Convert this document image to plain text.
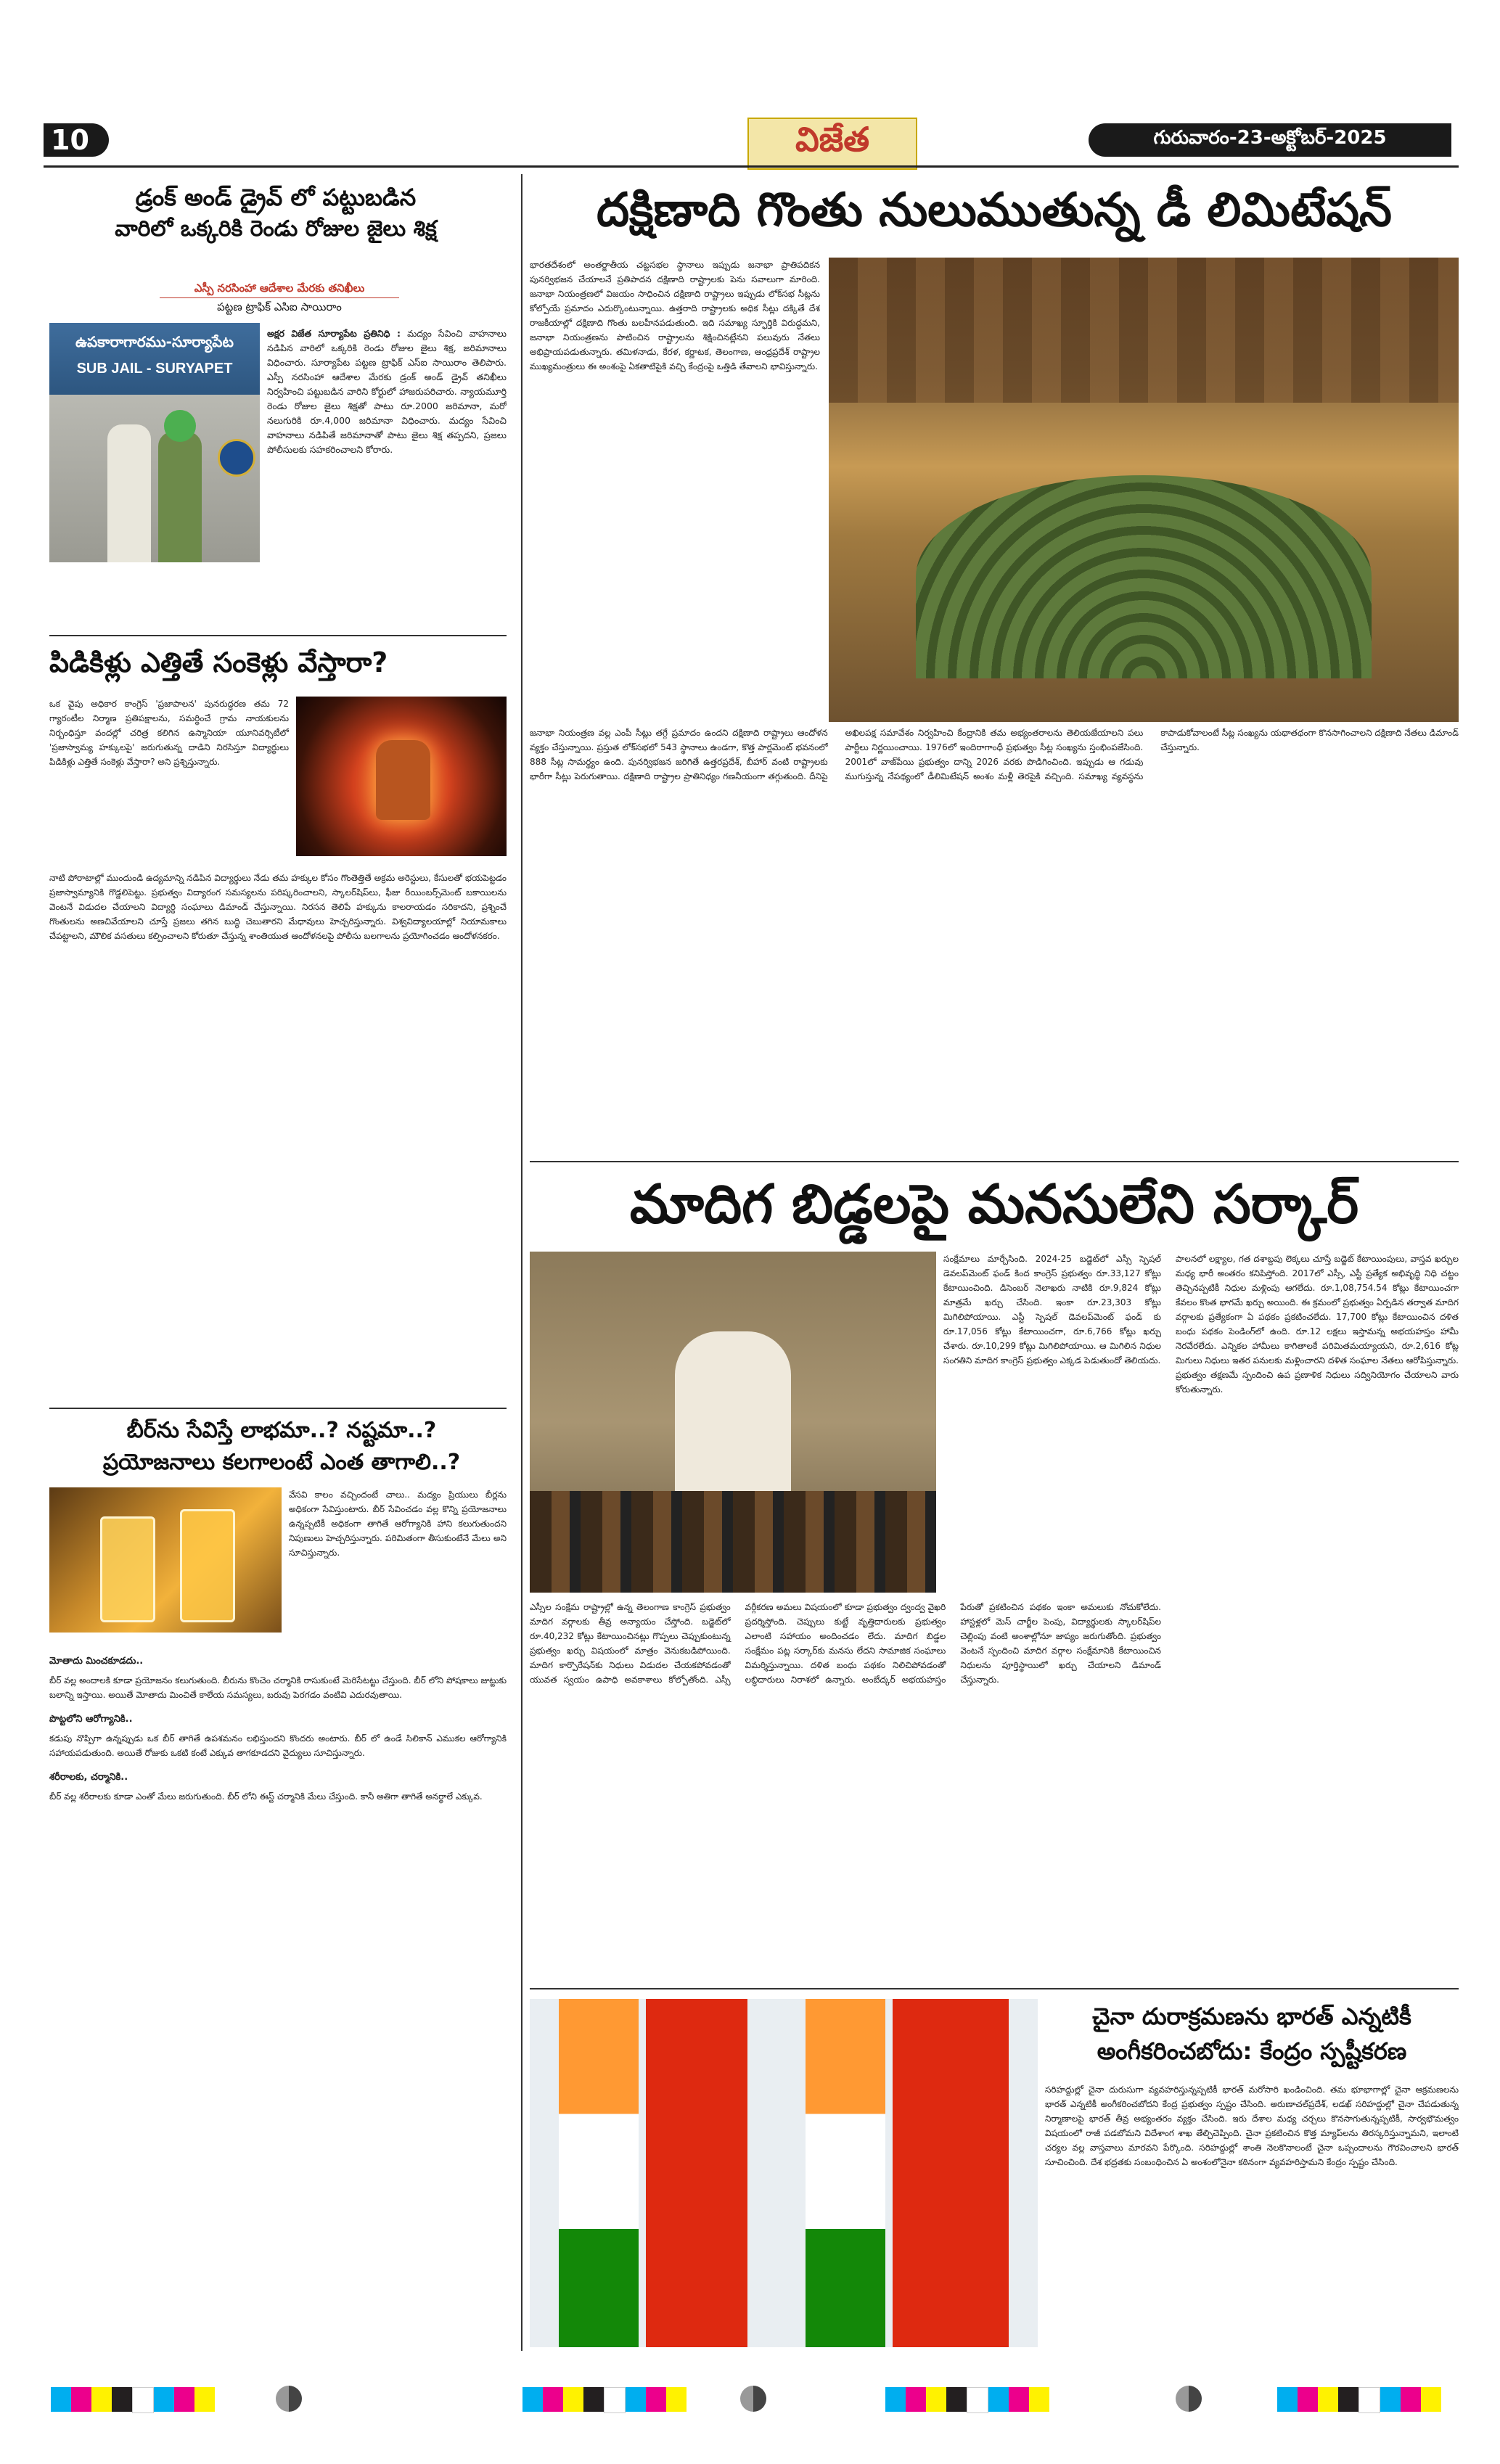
10	విజేత	గురువారం-23-అక్టోబర్-2025
డ్రంక్ అండ్ డ్రైవ్ లో పట్టుబడిన
వారిలో ఒక్కరికి రెండు రోజుల జైలు శిక్ష
ఎస్పీ నరసింహా ఆదేశాల మేరకు తనిఖీలు
పట్టణ ట్రాఫిక్ ఎసిఐ సాయిరాం
ఉపకారాగారము-సూర్యాపేట
SUB JAIL - SURYAPET

అక్షర విజేత సూర్యాపేట ప్రతినిధి : మద్యం సేవించి వాహనాలు నడిపిన వారిలో ఒక్కరికి రెండు రోజుల జైలు శిక్ష, జరిమానాలు విధించారు. సూర్యాపేట పట్టణ ట్రాఫిక్ ఎస్ఐ సాయిరాం తెలిపారు. ఎస్పీ నరసింహా ఆదేశాల మేరకు డ్రంక్ అండ్ డ్రైవ్ తనిఖీలు నిర్వహించి పట్టుబడిన వారిని కోర్టులో హాజరుపరిచారు. న్యాయమూర్తి రెండు రోజుల జైలు శిక్షతో పాటు రూ.2000 జరిమానా, మరో నలుగురికి రూ.4,000 జరిమానా విధించారు. మద్యం సేవించి వాహనాలు నడిపితే జరిమానాతో పాటు జైలు శిక్ష తప్పదని, ప్రజలు పోలీసులకు సహకరించాలని కోరారు.

పిడికిళ్లు ఎత్తితే సంకెళ్లు వేస్తారా?

ఒక వైపు అధికార కాంగ్రెస్ 'ప్రజాపాలన' పునరుద్ధరణ తమ 72 గ్యారంటీల నిర్మాణ ప్రతిపక్షాలను, సమర్థించే గ్రామ నాయకులను నిర్బంధిస్తూ వందల్లో చరిత్ర కలిగిన ఉస్మానియా యూనివర్సిటీలో 'ప్రజాస్వామ్య హక్కులపై' జరుగుతున్న దాడిని నిరసిస్తూ విద్యార్థులు పిడికిళ్లు ఎత్తితే సంకెళ్లు వేస్తారా? అని ప్రశ్నిస్తున్నారు.

నాటి పోరాటాల్లో ముందుండి ఉద్యమాన్ని నడిపిన విద్యార్థులు నేడు తమ హక్కుల కోసం గొంతెత్తితే అక్రమ అరెస్టులు, కేసులతో భయపెట్టడం ప్రజాస్వామ్యానికి గొడ్డలిపెట్టు. ప్రభుత్వం విద్యారంగ సమస్యలను పరిష్కరించాలని, స్కాలర్‌షిప్‌లు, ఫీజు రీయింబర్స్‌మెంట్ బకాయిలను వెంటనే విడుదల చేయాలని విద్యార్థి సంఘాలు డిమాండ్ చేస్తున్నాయి. నిరసన తెలిపే హక్కును కాలరాయడం సరికాదని, ప్రశ్నించే గొంతులను అణచివేయాలని చూస్తే ప్రజలు తగిన బుద్ధి చెబుతారని మేధావులు హెచ్చరిస్తున్నారు. విశ్వవిద్యాలయాల్లో నియామకాలు చేపట్టాలని, మౌలిక వసతులు కల్పించాలని కోరుతూ చేస్తున్న శాంతియుత ఆందోళనలపై పోలీసు బలగాలను ప్రయోగించడం ఆందోళనకరం.

బీర్‌ను సేవిస్తే లాభమా..? నష్టమా..?
ప్రయోజనాలు కలగాలంటే ఎంత తాగాలి..?

వేసవి కాలం వచ్చిందంటే చాలు.. మద్యం ప్రియులు బీర్లను అధికంగా సేవిస్తుంటారు. బీర్ సేవించడం వల్ల కొన్ని ప్రయోజనాలు ఉన్నప్పటికీ అధికంగా తాగితే ఆరోగ్యానికి హాని కలుగుతుందని నిపుణులు హెచ్చరిస్తున్నారు. పరిమితంగా తీసుకుంటేనే మేలు అని సూచిస్తున్నారు.

మోతాదు మించకూడదు..

బీర్ వల్ల అందాలకి కూడా ప్రయోజనం కలుగుతుంది. బీరును కొంచెం చర్మానికి రాసుకుంటే మెరిసేటట్టు చేస్తుంది. బీర్ లోని పోషకాలు జుట్టుకు బలాన్ని ఇస్తాయి. అయితే మోతాదు మించితే కాలేయ సమస్యలు, బరువు పెరగడం వంటివి ఎదురవుతాయి.

పొట్టలోని ఆరోగ్యానికి..

కడుపు నొప్పిగా ఉన్నప్పుడు ఒక బీర్ తాగితే ఉపశమనం లభిస్తుందని కొందరు అంటారు. బీర్ లో ఉండే సిలికాన్ ఎముకల ఆరోగ్యానికి సహాయపడుతుంది. అయితే రోజుకు ఒకటి కంటే ఎక్కువ తాగకూడదని వైద్యులు సూచిస్తున్నారు.

శరీరాలకు, చర్మానికి..

బీర్ వల్ల శరీరాలకు కూడా ఎంతో మేలు జరుగుతుంది. బీర్ లోని ఈస్ట్ చర్మానికి మేలు చేస్తుంది. కానీ అతిగా తాగితే అనర్థాలే ఎక్కువ.

దక్షిణాది గొంతు నులుముతున్న డీ లిమిటేషన్

భారతదేశంలో అంతర్జాతీయ చట్టసభల స్థానాలు ఇప్పుడు జనాభా ప్రాతిపదికన పునర్విభజన చేయాలనే ప్రతిపాదన దక్షిణాది రాష్ట్రాలకు పెను సవాలుగా మారింది. జనాభా నియంత్రణలో విజయం సాధించిన దక్షిణాది రాష్ట్రాలు ఇప్పుడు లోక్‌సభ సీట్లను కోల్పోయే ప్రమాదం ఎదుర్కొంటున్నాయి. ఉత్తరాది రాష్ట్రాలకు అధిక సీట్లు దక్కితే దేశ రాజకీయాల్లో దక్షిణాది గొంతు బలహీనపడుతుంది. ఇది సమాఖ్య స్ఫూర్తికి విరుద్ధమని, జనాభా నియంత్రణను పాటించిన రాష్ట్రాలను శిక్షించినట్లేనని పలువురు నేతలు అభిప్రాయపడుతున్నారు. తమిళనాడు, కేరళ, కర్ణాటక, తెలంగాణ, ఆంధ్రప్రదేశ్ రాష్ట్రాల ముఖ్యమంత్రులు ఈ అంశంపై ఏకతాటిపైకి వచ్చి కేంద్రంపై ఒత్తిడి తేవాలని భావిస్తున్నారు.

జనాభా నియంత్రణ వల్ల ఎంపీ సీట్లు తగ్గే ప్రమాదం ఉందని దక్షిణాది రాష్ట్రాలు ఆందోళన వ్యక్తం చేస్తున్నాయి. ప్రస్తుత లోక్‌సభలో 543 స్థానాలు ఉండగా, కొత్త పార్లమెంట్ భవనంలో 888 సీట్ల సామర్థ్యం ఉంది. పునర్విభజన జరిగితే ఉత్తరప్రదేశ్, బీహార్ వంటి రాష్ట్రాలకు భారీగా సీట్లు పెరుగుతాయి. దక్షిణాది రాష్ట్రాల ప్రాతినిధ్యం గణనీయంగా తగ్గుతుంది. దీనిపై అఖిలపక్ష సమావేశం నిర్వహించి కేంద్రానికి తమ అభ్యంతరాలను తెలియజేయాలని పలు పార్టీలు నిర్ణయించాయి. 1976లో ఇందిరాగాంధీ ప్రభుత్వం సీట్ల సంఖ్యను స్తంభింపజేసింది. 2001లో వాజ్‌పేయి ప్రభుత్వం దాన్ని 2026 వరకు పొడిగించింది. ఇప్పుడు ఆ గడువు ముగుస్తున్న నేపథ్యంలో డీలిమిటేషన్ అంశం మళ్లీ తెరపైకి వచ్చింది. సమాఖ్య వ్యవస్థను కాపాడుకోవాలంటే సీట్ల సంఖ్యను యథాతథంగా కొనసాగించాలని దక్షిణాది నేతలు డిమాండ్ చేస్తున్నారు.

మాదిగ బిడ్డలపై మనసులేని సర్కార్

సంక్షేమాలు మార్చేసింది. 2024-25 బడ్జెట్‌లో ఎస్సీ స్పెషల్ డెవలప్‌మెంట్ ఫండ్ కింద కాంగ్రెస్ ప్రభుత్వం రూ.33,127 కోట్లు కేటాయించింది. డిసెంబర్ నెలాఖరు నాటికి రూ.9,824 కోట్లు మాత్రమే ఖర్చు చేసింది. ఇంకా రూ.23,303 కోట్లు మిగిలిపోయాయి. ఎస్టీ స్పెషల్ డెవలప్‌మెంట్ ఫండ్ కు రూ.17,056 కోట్లు కేటాయించగా, రూ.6,766 కోట్లు ఖర్చు చేశారు. రూ.10,299 కోట్లు మిగిలిపోయాయి. ఆ మిగిలిన నిధుల సంగతిని మాదిగ కాంగ్రెస్ ప్రభుత్వం ఎక్కడ పెడుతుందో తెలియదు.

ఎస్సీల సంక్షేమ రాష్ట్రాల్లో ఉన్న తెలంగాణ కాంగ్రెస్ ప్రభుత్వం మాదిగ వర్గాలకు తీవ్ర అన్యాయం చేస్తోంది. బడ్జెట్‌లో రూ.40,232 కోట్లు కేటాయించినట్లు గొప్పలు చెప్పుకుంటున్న ప్రభుత్వం ఖర్చు విషయంలో మాత్రం వెనుకబడిపోయింది. మాదిగ కార్పొరేషన్‌కు నిధులు విడుదల చేయకపోవడంతో యువత స్వయం ఉపాధి అవకాశాలు కోల్పోతోంది. ఎస్సీ వర్గీకరణ అమలు విషయంలో కూడా ప్రభుత్వం ద్వంద్వ వైఖరి ప్రదర్శిస్తోంది. చెప్పులు కుట్టే వృత్తిదారులకు ప్రభుత్వం ఎలాంటి సహాయం అందించడం లేదు. మాదిగ బిడ్డల సంక్షేమం పట్ల సర్కార్‌కు మనసు లేదని సామాజిక సంఘాలు విమర్శిస్తున్నాయి. దళిత బంధు పథకం నిలిచిపోవడంతో లబ్ధిదారులు నిరాశలో ఉన్నారు. అంబేద్కర్ అభయహస్తం పేరుతో ప్రకటించిన పథకం ఇంకా అమలుకు నోచుకోలేదు. హాస్టళ్లలో మెస్ చార్జీల పెంపు, విద్యార్థులకు స్కాలర్‌షిప్‌ల చెల్లింపు వంటి అంశాల్లోనూ జాప్యం జరుగుతోంది. ప్రభుత్వం వెంటనే స్పందించి మాదిగ వర్గాల సంక్షేమానికి కేటాయించిన నిధులను పూర్తిస్థాయిలో ఖర్చు చేయాలని డిమాండ్ చేస్తున్నారు.

పాలనలో లక్ష్యాల, గత దశాబ్దపు లెక్కలు చూస్తే బడ్జెట్ కేటాయింపులు, వాస్తవ ఖర్చుల మధ్య భారీ అంతరం కనిపిస్తోంది. 2017లో ఎస్సీ, ఎస్టీ ప్రత్యేక అభివృద్ధి నిధి చట్టం తెచ్చినప్పటికీ నిధుల మళ్లింపు ఆగలేదు. రూ.1,08,754.54 కోట్లు కేటాయించగా కేవలం కొంత భాగమే ఖర్చు అయింది. ఈ క్రమంలో ప్రభుత్వం ఏర్పడిన తర్వాత మాదిగ వర్గాలకు ప్రత్యేకంగా ఏ పథకం ప్రకటించలేదు. 17,700 కోట్లు కేటాయించిన దళిత బంధు పథకం పెండింగ్‌లో ఉంది. రూ.12 లక్షలు ఇస్తామన్న అభయహస్తం హామీ నెరవేరలేదు. ఎన్నికల హామీలు కాగితాలకే పరిమితమయ్యాయని, రూ.2,616 కోట్ల మిగులు నిధులు ఇతర పనులకు మళ్లించారని దళిత సంఘాల నేతలు ఆరోపిస్తున్నారు. ప్రభుత్వం తక్షణమే స్పందించి ఉప ప్రణాళిక నిధులు సద్వినియోగం చేయాలని వారు కోరుతున్నారు.

చైనా దురాక్రమణను భారత్ ఎన్నటికీ
అంగీకరించబోదు: కేంద్రం స్పష్టీకరణ

సరిహద్దుల్లో చైనా దురుసుగా వ్యవహరిస్తున్నప్పటికీ భారత్ మరోసారి ఖండించింది. తమ భూభాగాల్లో చైనా ఆక్రమణలను భారత్ ఎన్నటికీ అంగీకరించబోదని కేంద్ర ప్రభుత్వం స్పష్టం చేసింది. అరుణాచల్‌ప్రదేశ్, లడఖ్ సరిహద్దుల్లో చైనా చేపడుతున్న నిర్మాణాలపై భారత్ తీవ్ర అభ్యంతరం వ్యక్తం చేసింది. ఇరు దేశాల మధ్య చర్చలు కొనసాగుతున్నప్పటికీ, సార్వభౌమత్వం విషయంలో రాజీ పడబోమని విదేశాంగ శాఖ తేల్చిచెప్పింది. చైనా ప్రకటించిన కొత్త మ్యాప్‌లను తిరస్కరిస్తున్నామని, ఇలాంటి చర్యల వల్ల వాస్తవాలు మారవని పేర్కొంది. సరిహద్దుల్లో శాంతి నెలకొనాలంటే చైనా ఒప్పందాలను గౌరవించాలని భారత్ సూచించింది. దేశ భద్రతకు సంబంధించిన ఏ అంశంలోనైనా కఠినంగా వ్యవహరిస్తామని కేంద్రం స్పష్టం చేసింది.
